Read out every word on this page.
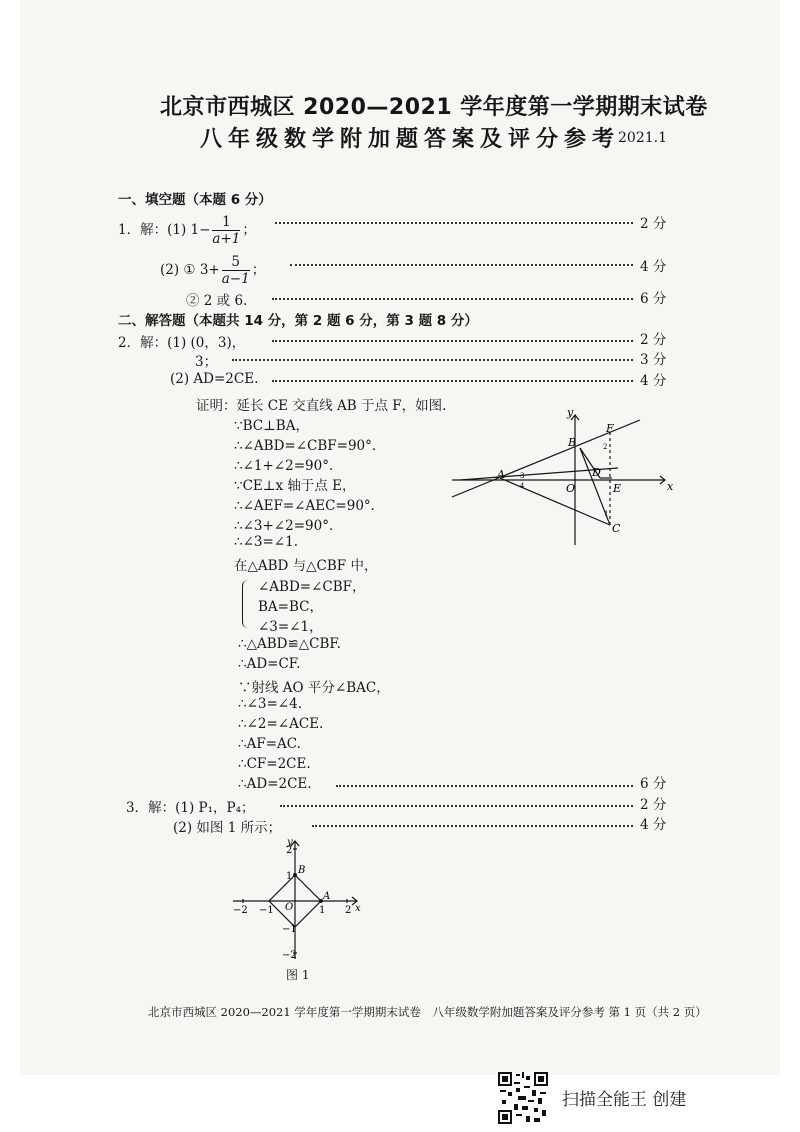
北京市西城区 2020—2021 学年度第一学期期末试卷
八年级数学附加题答案及评分参考
2021.1
一、填空题（本题 6 分）
1．解：(1) $1- \frac{1}{a+1}$ ；	2 分
(2) ① $3+ \frac{5}{a-1}$ ；	4 分
② 2 或 6.	6 分
二、解答题（本题共 14 分，第 2 题 6 分，第 3 题 8 分）
2．解：(1) (0，3)，	2 分
3；	3 分
(2) AD=2CE.	4 分
证明：延长 CE 交直线 AB 于点 F，如图.
∵BC⊥BA，
∴∠ABD=∠CBF=90°．
∴∠1+∠2=90°．
∵CE⊥x 轴于点 E，
∴∠AEF=∠AEC=90°．
∴∠3+∠2=90°．
∴∠3=∠1.
在△ABD 与△CBF 中，
∠ABD=∠CBF，
BA=BC，
∠3=∠1，
∴△ABD≌△CBF.
∴AD=CF.
∵射线 AO 平分∠BAC，
∴∠3=∠4.
∴∠2=∠ACE.
∴AF=AC.
∴CF=2CE.
∴AD=2CE.	6 分
3．解：(1) P₁，P₄；	2 分
(2) 如图 1 所示；	4 分
B
F
A
O
D
E
C
y
x
3
4
2
1
y
x
B
A
O
−2 −1	1 2
2
1
−1
−2
图 1
北京市西城区 2020—2021 学年度第一学期期末试卷　八年级数学附加题答案及评分参考 第 1 页（共 2 页）
扫描全能王 创建
